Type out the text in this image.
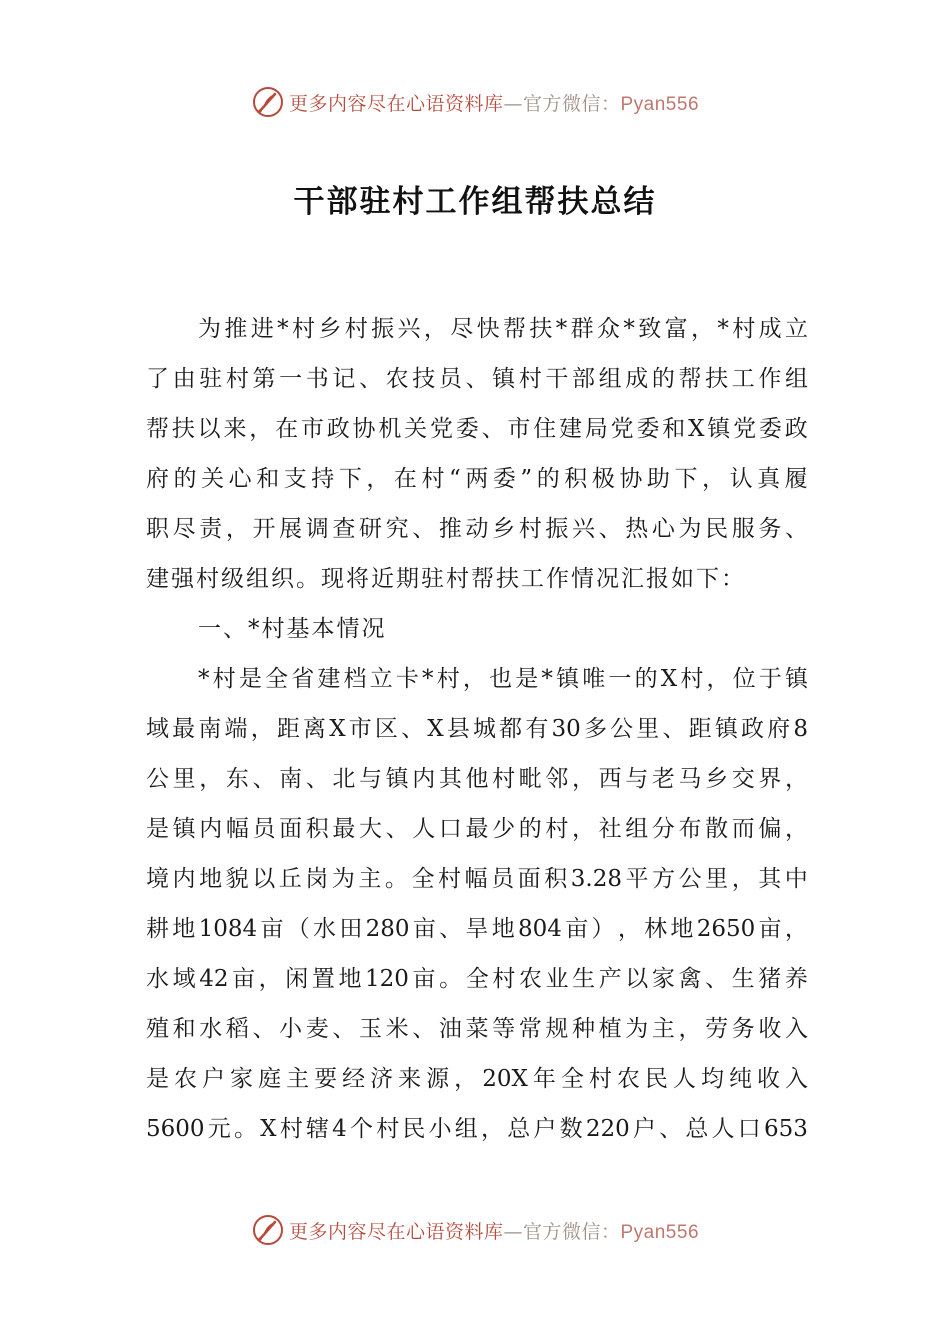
更多内容尽在心语资料库—官方微信：Pyan556
干部驻村工作组帮扶总结
为 推 进 * 村 乡 村 振 兴 ， 尽 快 帮 扶 * 群 众 * 致 富 ， * 村 成 立
了 由 驻 村 第 一 书 记 、 农 技 员 、 镇 村 干 部 组 成 的 帮 扶 工 作 组
帮 扶 以 来 ， 在 市 政 协 机 关 党 委 、 市 住 建 局 党 委 和 X 镇 党 委 政
府 的 关 心 和 支 持 下 ， 在 村 “ 两 委 ” 的 积 极 协 助 下 ， 认 真 履
职 尽 责 ， 开 展 调 查 研 究 、 推 动 乡 村 振 兴 、 热 心 为 民 服 务 、
建强村级组织。现将近期驻村帮扶工作情况汇报如下：
一、*村基本情况
* 村 是 全 省 建 档 立 卡 * 村 ， 也 是 * 镇 唯 一 的 X 村 ， 位 于 镇
域 最 南 端 ， 距 离 X 市 区 、 X 县 城 都 有 30 多 公 里 、 距 镇 政 府 8
公 里 ， 东 、 南 、 北 与 镇 内 其 他 村 毗 邻 ， 西 与 老 马 乡 交 界 ，
是 镇 内 幅 员 面 积 最 大 、 人 口 最 少 的 村 ， 社 组 分 布 散 而 偏 ，
境 内 地 貌 以 丘 岗 为 主 。 全 村 幅 员 面 积 3.28 平 方 公 里 ， 其 中
耕 地 1084 亩 （ 水 田 280 亩 、 旱 地 804 亩 ） ， 林 地 2650 亩 ，
水 域 42 亩 ， 闲 置 地 120 亩 。 全 村 农 业 生 产 以 家 禽 、 生 猪 养
殖 和 水 稻 、 小 麦 、 玉 米 、 油 菜 等 常 规 种 植 为 主 ， 劳 务 收 入
是 农 户 家 庭 主 要 经 济 来 源 ， 20X 年 全 村 农 民 人 均 纯 收 入
5600 元 。 X 村 辖 4 个 村 民 小 组 ， 总 户 数 220 户 、 总 人 口 653
更多内容尽在心语资料库—官方微信：Pyan556
